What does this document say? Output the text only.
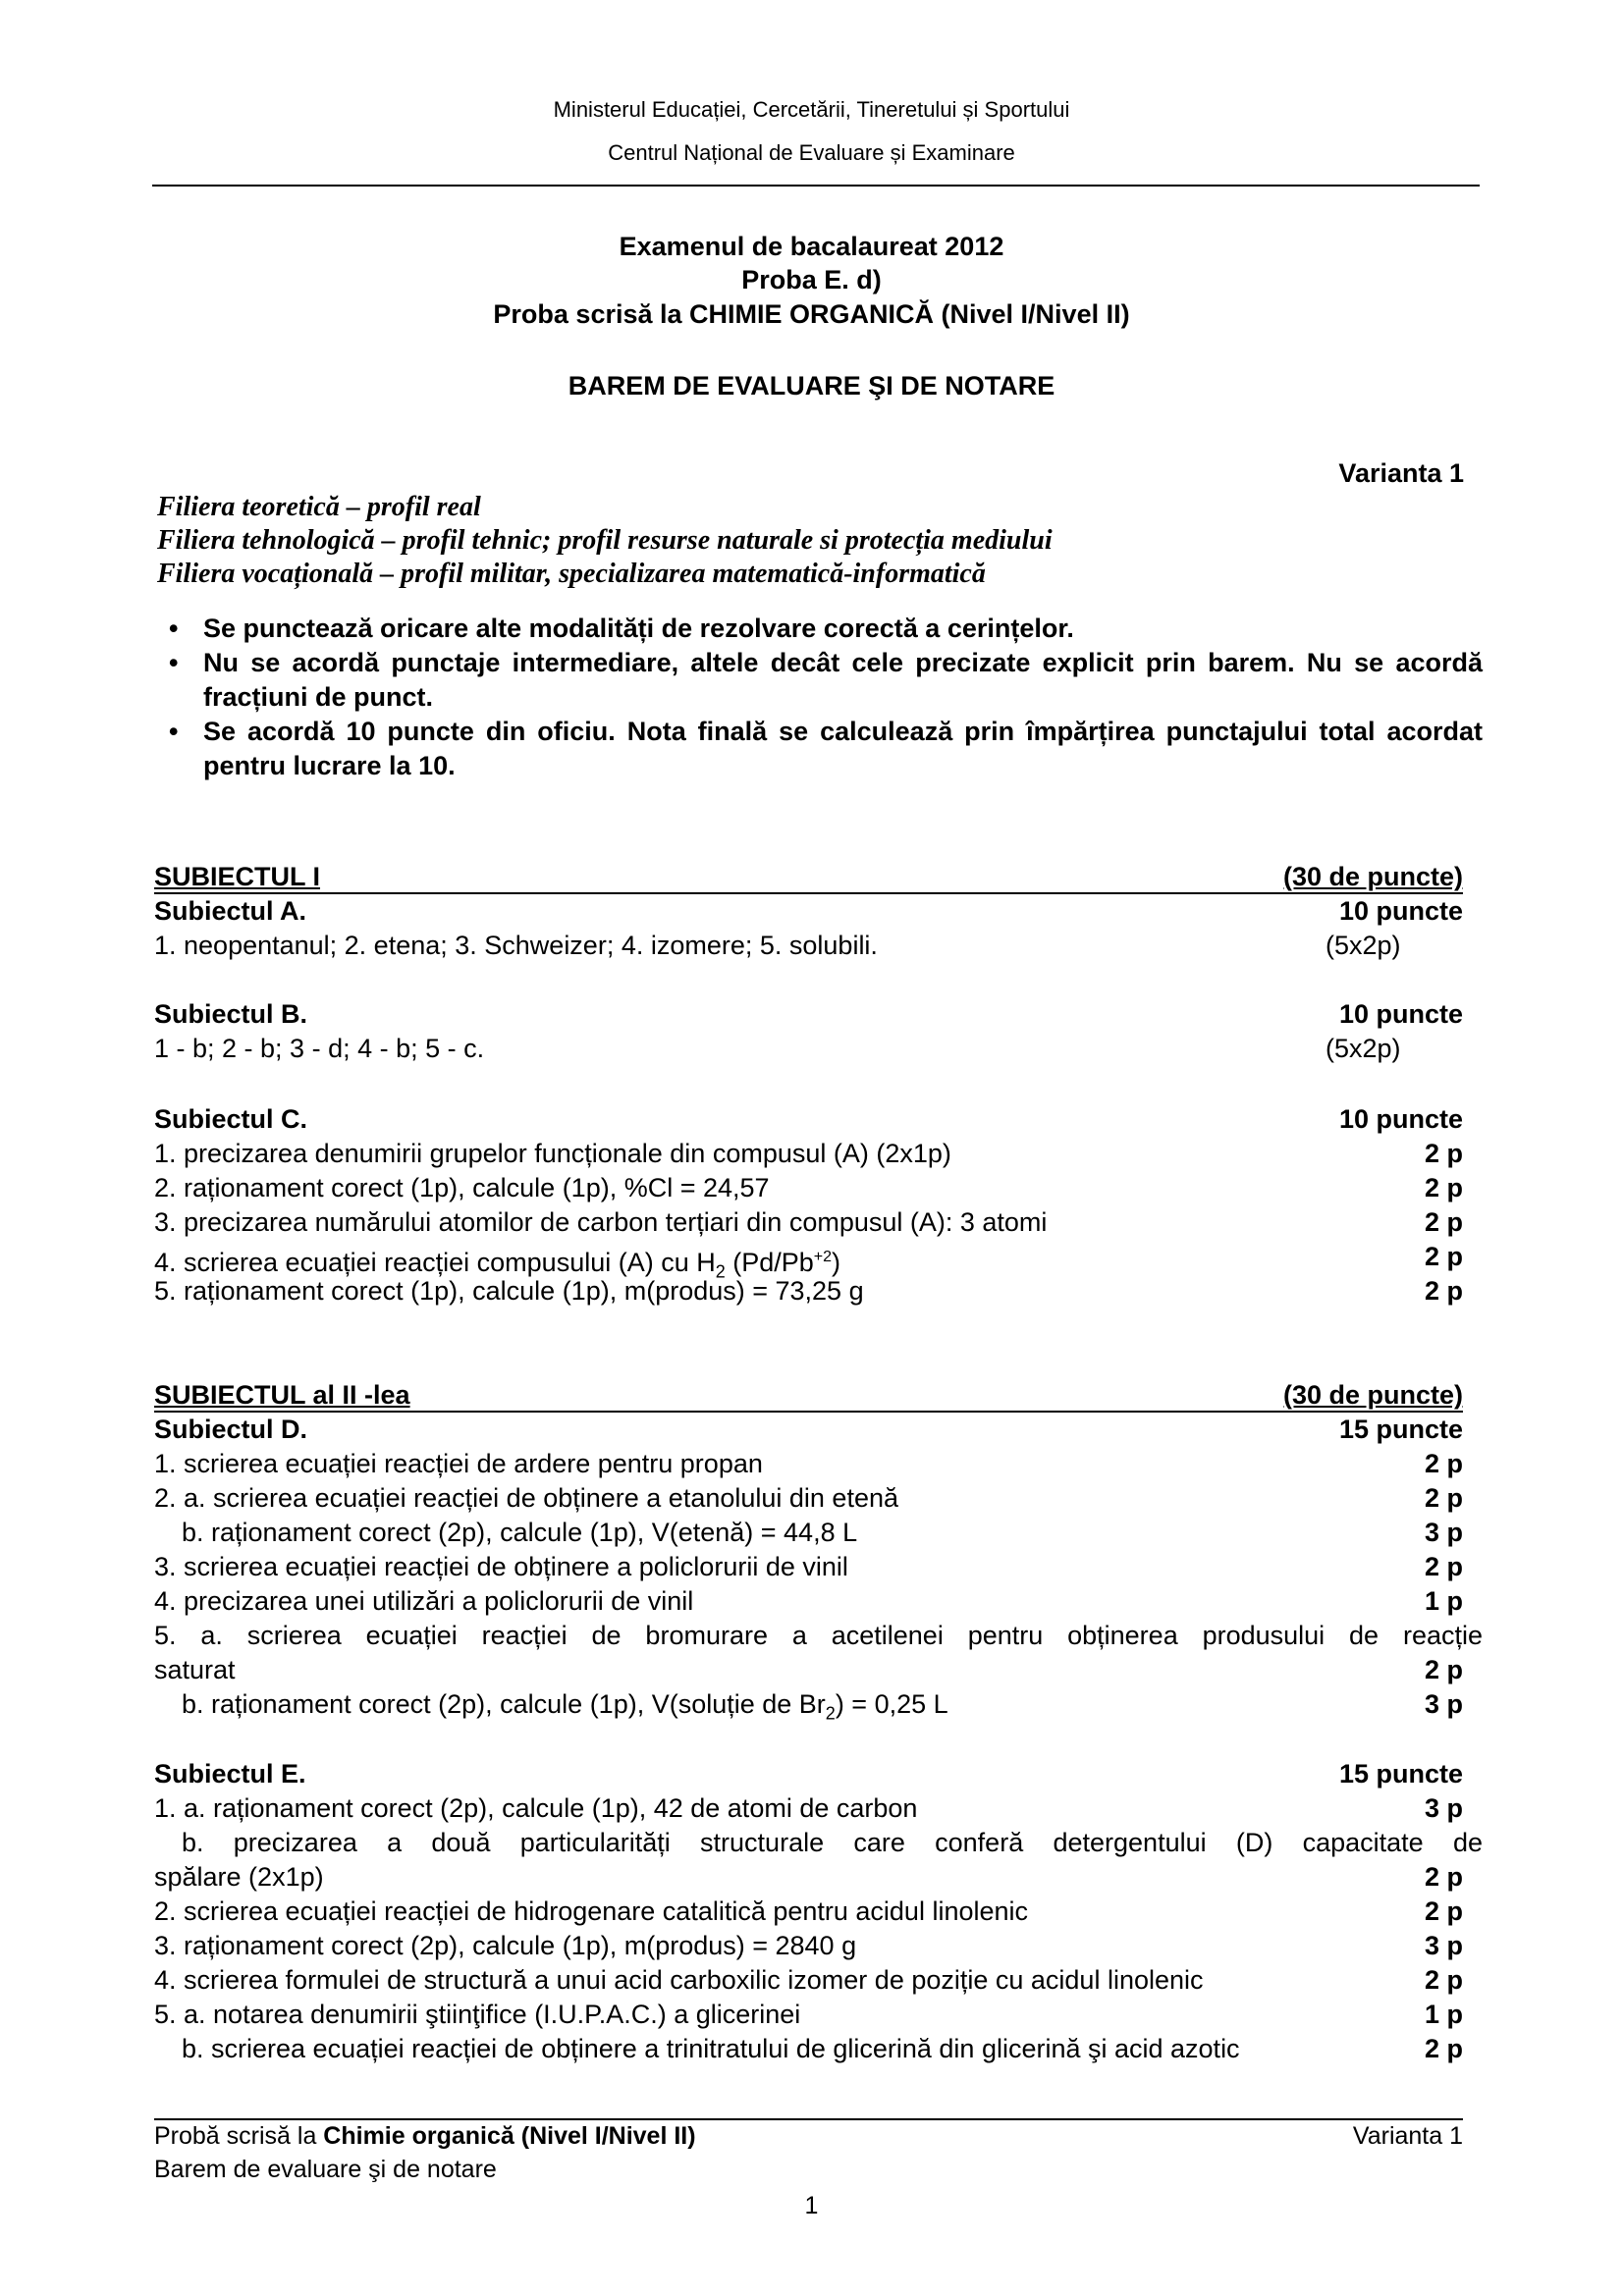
Ministerul Educației, Cercetării, Tineretului și Sportului
Centrul Național de Evaluare și Examinare
Examenul de bacalaureat 2012
Proba E. d)
Proba scrisă la CHIMIE ORGANICĂ (Nivel I/Nivel II)
BAREM DE EVALUARE ŞI DE NOTARE
Varianta 1
Filiera teoretică – profil real
Filiera tehnologică – profil tehnic; profil resurse naturale si protecția mediului
Filiera vocațională – profil militar, specializarea matematică-informatică
• Se punctează oricare alte modalități de rezolvare corectă a cerințelor.
• Nu se acordă punctaje intermediare, altele decât cele precizate explicit prin barem. Nu se acordă fracțiuni de punct.
• Se acordă 10 puncte din oficiu. Nota finală se calculează prin împărțirea punctajului total acordat pentru lucrare la 10.
SUBIECTUL I	(30 de puncte)
Subiectul A.	10 puncte
1. neopentanul; 2. etena; 3. Schweizer; 4. izomere; 5. solubili.	(5x2p)
Subiectul B.	10 puncte
1 - b; 2 - b; 3 - d; 4 - b; 5 - c.	(5x2p)
Subiectul C.	10 puncte
1. precizarea denumirii grupelor funcționale din compusul (A) (2x1p)	2 p
2. raționament corect (1p), calcule (1p), %Cl = 24,57	2 p
3. precizarea numărului atomilor de carbon terțiari din compusul (A): 3 atomi	2 p
4. scrierea ecuației reacției compusului (A) cu $H_2$ $(Pd/Pb^{+2})$	2 p
5. raționament corect (1p), calcule (1p), m(produs) = 73,25 g	2 p
SUBIECTUL al II -lea	(30 de puncte)
Subiectul D.	15 puncte
1. scrierea ecuației reacției de ardere pentru propan	2 p
2. a. scrierea ecuației reacției de obținere a etanolului din etenă	2 p
b. raționament corect (2p), calcule (1p), V(etenă) = 44,8 L	3 p
3. scrierea ecuației reacției de obținere a policlorurii de vinil	2 p
4. precizarea unei utilizări a policlorurii de vinil	1 p
5. a. scrierea ecuației reacției de bromurare a acetilenei pentru obținerea produsului de reacție
saturat	2 p
b. raționament corect (2p), calcule (1p), V(soluție de $Br_2) = 0,25$ L	3 p
Subiectul E.	15 puncte
1. a. raționament corect (2p), calcule (1p), 42 de atomi de carbon	3 p
b. precizarea a două particularități structurale care conferă detergentului (D) capacitate de
spălare (2x1p)	2 p
2. scrierea ecuației reacției de hidrogenare catalitică pentru acidul linolenic	2 p
3. raționament corect (2p), calcule (1p), m(produs) = 2840 g	3 p
4. scrierea formulei de structură a unui acid carboxilic izomer de poziție cu acidul linolenic	2 p
5. a. notarea denumirii ştiinţifice (I.U.P.A.C.) a glicerinei	1 p
b. scrierea ecuației reacției de obținere a trinitratului de glicerină din glicerină şi acid azotic	2 p
Probă scrisă la Chimie organică (Nivel I/Nivel II)	Varianta 1
Barem de evaluare şi de notare
1
